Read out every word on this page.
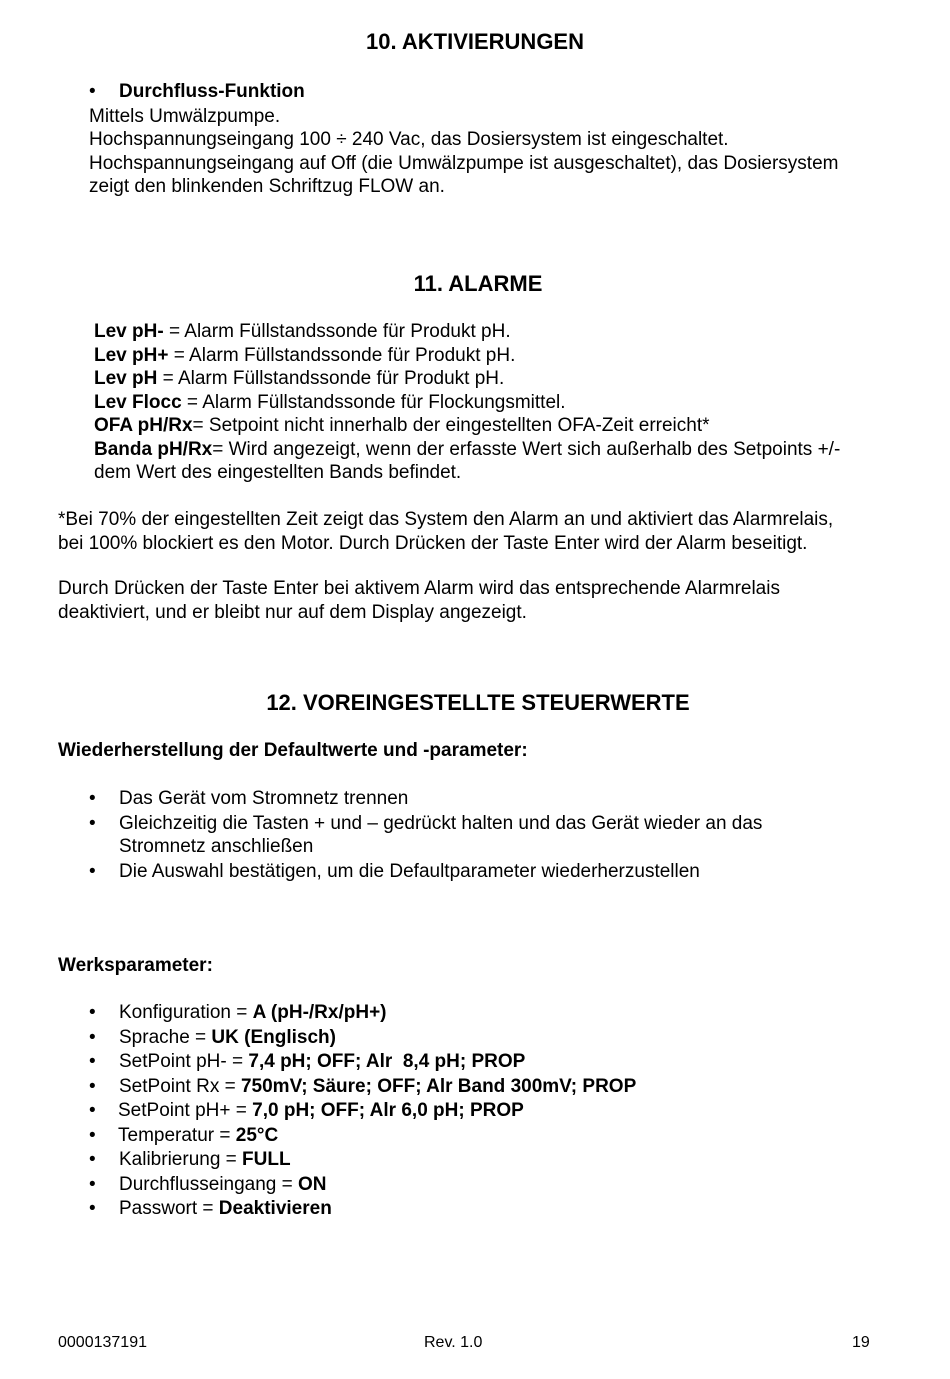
10. AKTIVIERUNGEN
• Durchfluss-Funktion

Mittels Umwälzpumpe.

Hochspannungseingang 100 ÷ 240 Vac, das Dosiersystem ist eingeschaltet.

Hochspannungseingang auf Off (die Umwälzpumpe ist ausgeschaltet), das Dosiersystem

zeigt den blinkenden Schriftzug FLOW an.

11. ALARME

Lev pH- = Alarm Füllstandssonde für Produkt pH.

Lev pH+ = Alarm Füllstandssonde für Produkt pH.

Lev pH = Alarm Füllstandssonde für Produkt pH.

Lev Flocc = Alarm Füllstandssonde für Flockungsmittel.

OFA pH/Rx= Setpoint nicht innerhalb der eingestellten OFA-Zeit erreicht*

Banda pH/Rx= Wird angezeigt, wenn der erfasste Wert sich außerhalb des Setpoints +/-

dem Wert des eingestellten Bands befindet.

*Bei 70% der eingestellten Zeit zeigt das System den Alarm an und aktiviert das Alarmrelais,

bei 100% blockiert es den Motor. Durch Drücken der Taste Enter wird der Alarm beseitigt.

Durch Drücken der Taste Enter bei aktivem Alarm wird das entsprechende Alarmrelais

deaktiviert, und er bleibt nur auf dem Display angezeigt.

12. VOREINGESTELLTE STEUERWERTE

Wiederherstellung der Defaultwerte und -parameter:

• Das Gerät vom Stromnetz trennen
• Gleichzeitig die Tasten + und – gedrückt halten und das Gerät wieder an das
Stromnetz anschließen
• Die Auswahl bestätigen, um die Defaultparameter wiederherzustellen

Werksparameter:

• Konfiguration = A (pH-/Rx/pH+)
• Sprache = UK (Englisch)
• SetPoint pH- = 7,4 pH; OFF; Alr  8,4 pH; PROP
• SetPoint Rx = 750mV; Säure; OFF; Alr Band 300mV; PROP
• SetPoint pH+ = 7,0 pH; OFF; Alr 6,0 pH; PROP
• Temperatur = 25°C
• Kalibrierung = FULL
• Durchflusseingang = ON
• Passwort = Deaktivieren
0000137191	Rev. 1.0	19
